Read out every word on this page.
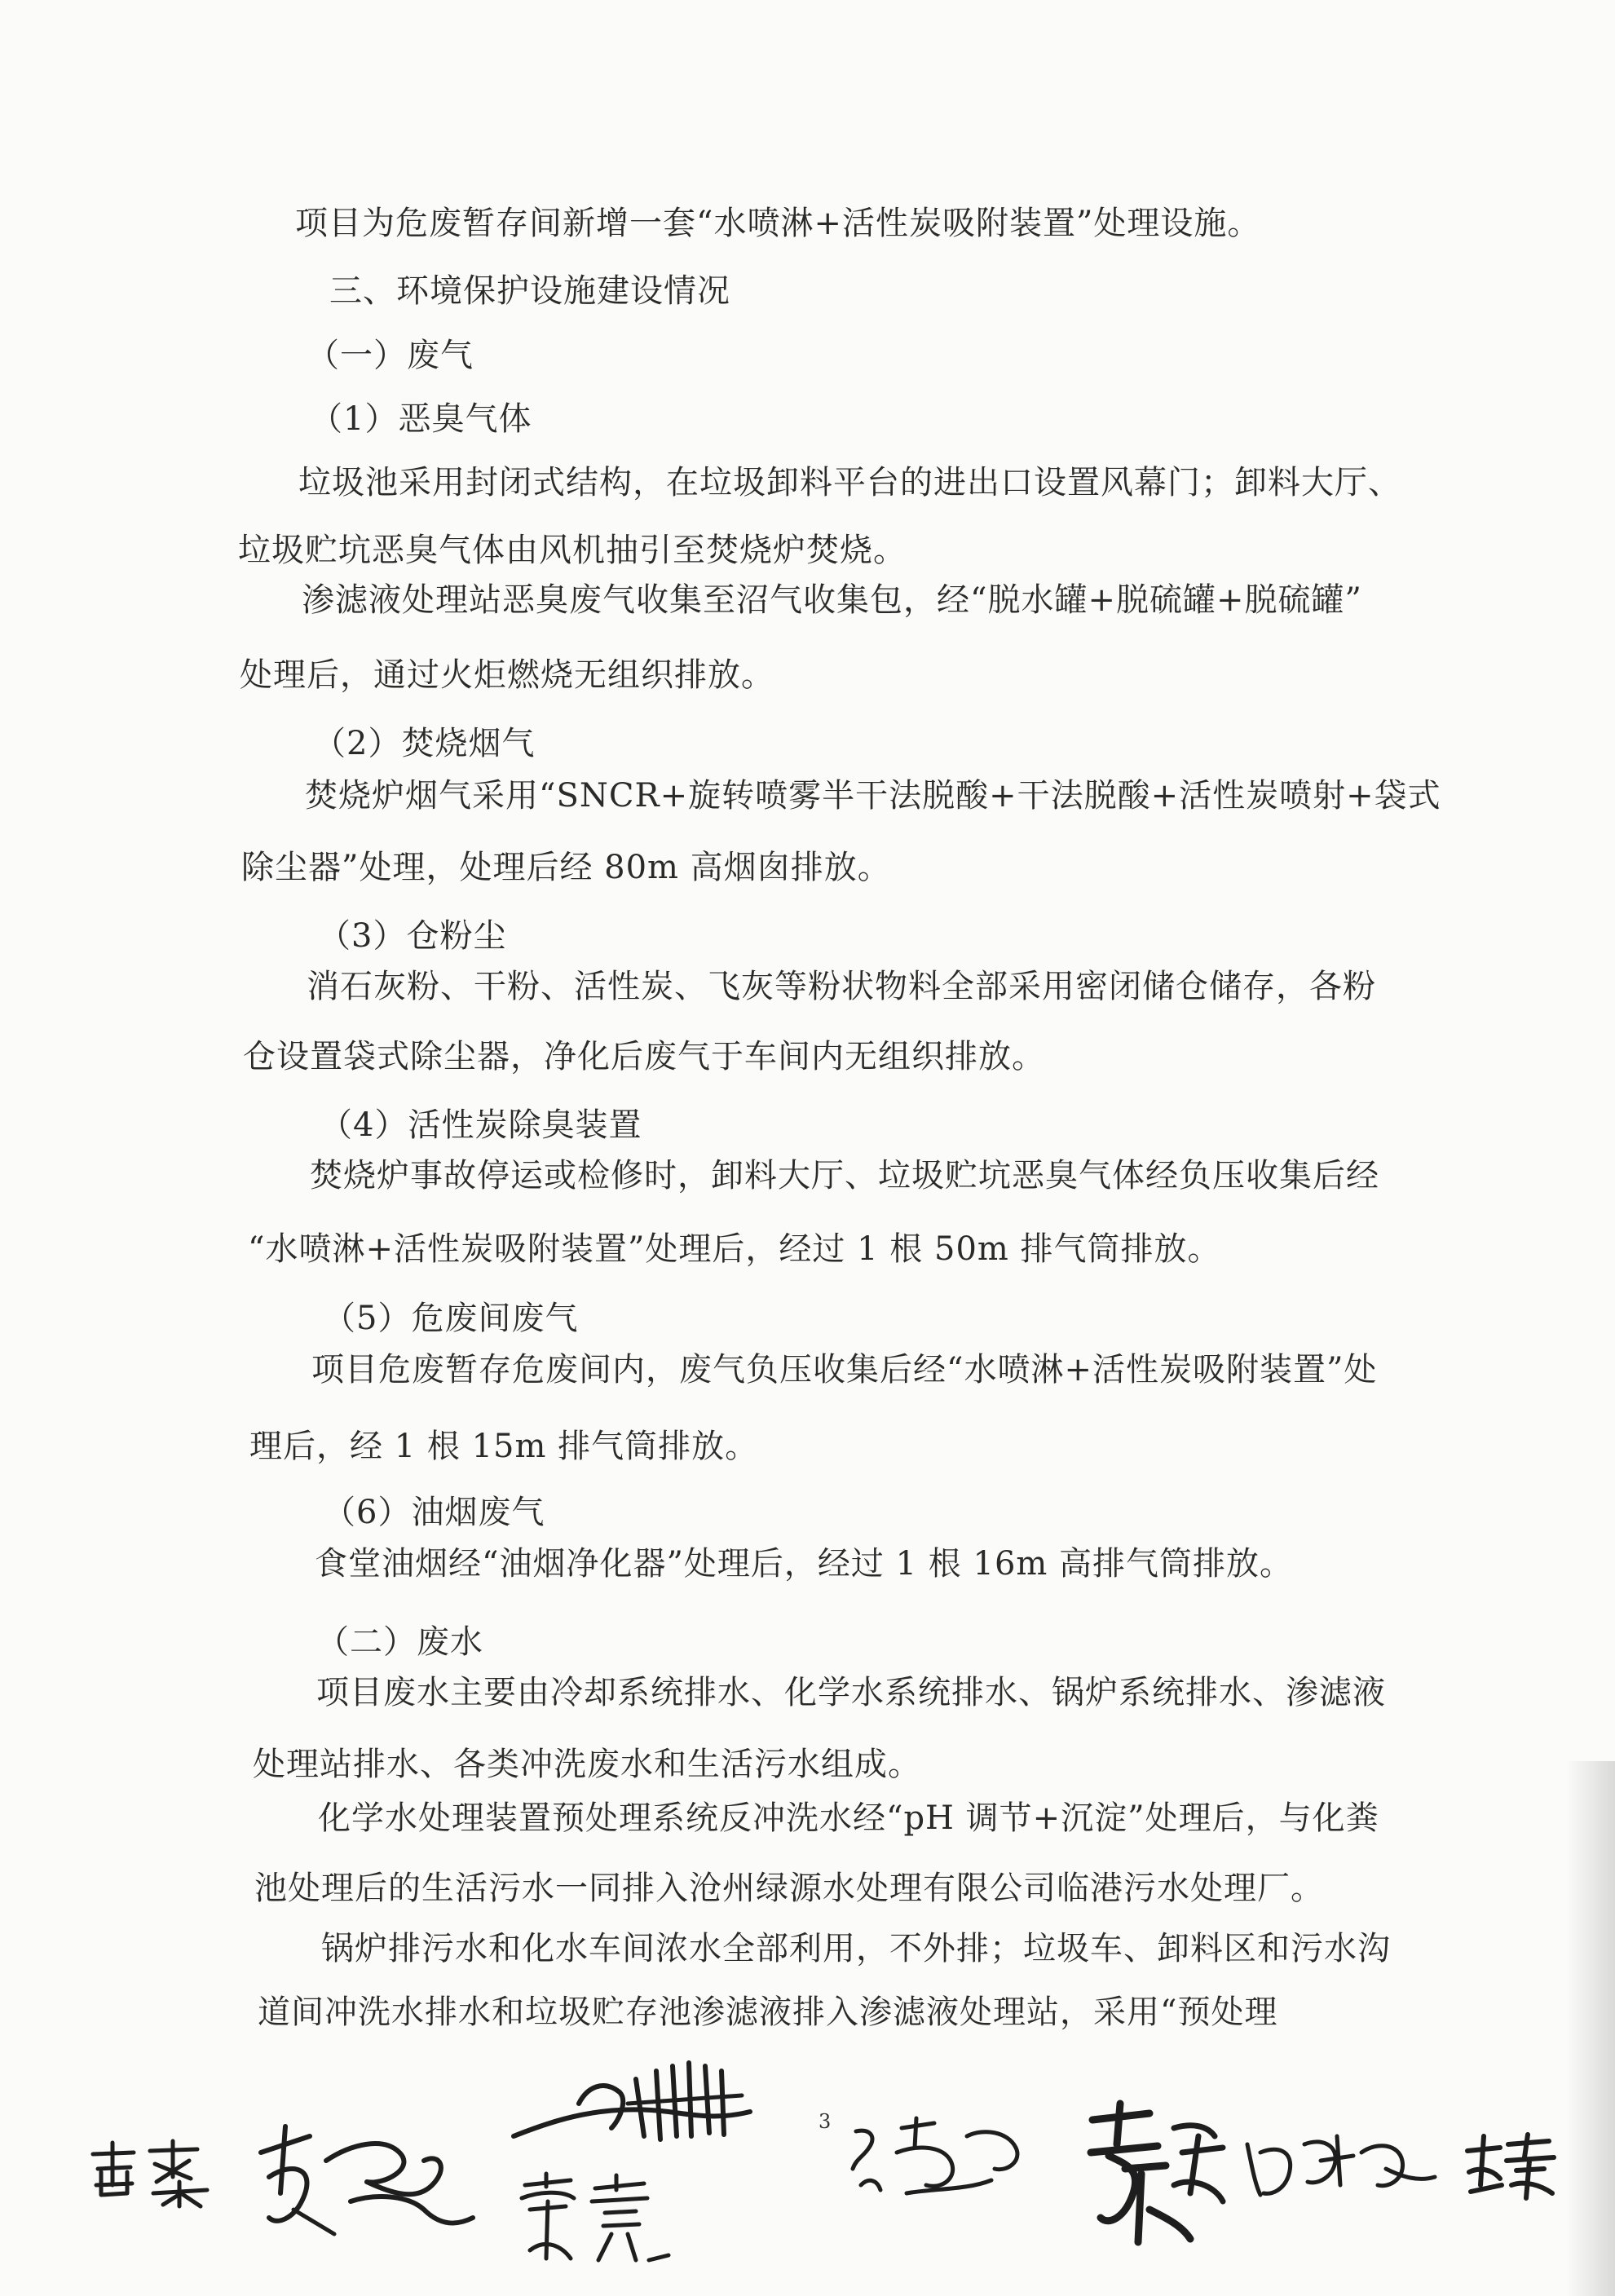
项目为危废暂存间新增一套“水喷淋+活性炭吸附装置”处理设施。
三、环境保护设施建设情况
（一）废气
（1）恶臭气体
垃圾池采用封闭式结构，在垃圾卸料平台的进出口设置风幕门；卸料大厅、
垃圾贮坑恶臭气体由风机抽引至焚烧炉焚烧。
渗滤液处理站恶臭废气收集至沼气收集包，经“脱水罐+脱硫罐+脱硫罐”
处理后，通过火炬燃烧无组织排放。
（2）焚烧烟气
焚烧炉烟气采用“SNCR+旋转喷雾半干法脱酸+干法脱酸+活性炭喷射+袋式
除尘器”处理，处理后经 80m 高烟囱排放。
（3）仓粉尘
消石灰粉、干粉、活性炭、飞灰等粉状物料全部采用密闭储仓储存，各粉
仓设置袋式除尘器，净化后废气于车间内无组织排放。
（4）活性炭除臭装置
焚烧炉事故停运或检修时，卸料大厅、垃圾贮坑恶臭气体经负压收集后经
“水喷淋+活性炭吸附装置”处理后，经过 1 根 50m 排气筒排放。
（5）危废间废气
项目危废暂存危废间内，废气负压收集后经“水喷淋+活性炭吸附装置”处
理后，经 1 根 15m 排气筒排放。
（6）油烟废气
食堂油烟经“油烟净化器”处理后，经过 1 根 16m 高排气筒排放。
（二）废水
项目废水主要由冷却系统排水、化学水系统排水、锅炉系统排水、渗滤液
处理站排水、各类冲洗废水和生活污水组成。
化学水处理装置预处理系统反冲洗水经“pH 调节+沉淀”处理后，与化粪
池处理后的生活污水一同排入沧州绿源水处理有限公司临港污水处理厂。
锅炉排污水和化水车间浓水全部利用，不外排；垃圾车、卸料区和污水沟
道间冲洗水排水和垃圾贮存池渗滤液排入渗滤液处理站，采用“预处理
3
